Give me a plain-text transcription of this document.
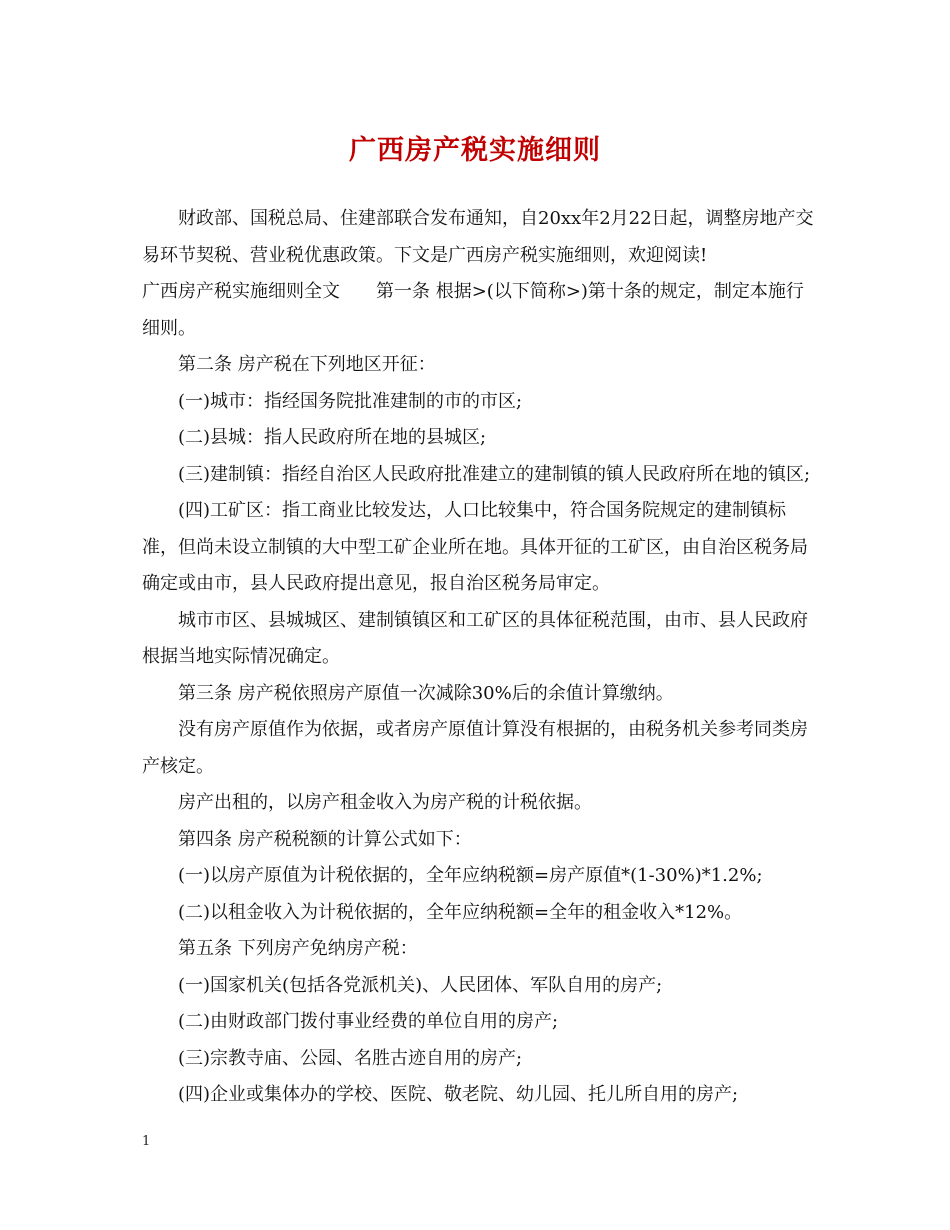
广西房产税实施细则

财政部、国税总局、住建部联合发布通知，自20xx年2月22日起，调整房地产交易环节契税、营业税优惠政策。下文是广西房产税实施细则，欢迎阅读!

广西房产税实施细则全文　　第一条 根据>(以下简称>)第十条的规定，制定本施行细则。

第二条 房产税在下列地区开征：

(一)城市：指经国务院批准建制的市的市区;

(二)县城：指人民政府所在地的县城区;

(三)建制镇：指经自治区人民政府批准建立的建制镇的镇人民政府所在地的镇区;

(四)工矿区：指工商业比较发达，人口比较集中，符合国务院规定的建制镇标准，但尚未设立制镇的大中型工矿企业所在地。具体开征的工矿区，由自治区税务局确定或由市，县人民政府提出意见，报自治区税务局审定。

城市市区、县城城区、建制镇镇区和工矿区的具体征税范围，由市、县人民政府根据当地实际情况确定。

第三条 房产税依照房产原值一次减除30%后的余值计算缴纳。

没有房产原值作为依据，或者房产原值计算没有根据的，由税务机关参考同类房产核定。

房产出租的，以房产租金收入为房产税的计税依据。

第四条 房产税税额的计算公式如下：

(一)以房产原值为计税依据的，全年应纳税额=房产原值*(1-30%)*1.2%;

(二)以租金收入为计税依据的，全年应纳税额=全年的租金收入*12%。

第五条 下列房产免纳房产税：

(一)国家机关(包括各党派机关)、人民团体、军队自用的房产;

(二)由财政部门拨付事业经费的单位自用的房产;

(三)宗教寺庙、公园、名胜古迹自用的房产;

(四)企业或集体办的学校、医院、敬老院、幼儿园、托儿所自用的房产;

1
